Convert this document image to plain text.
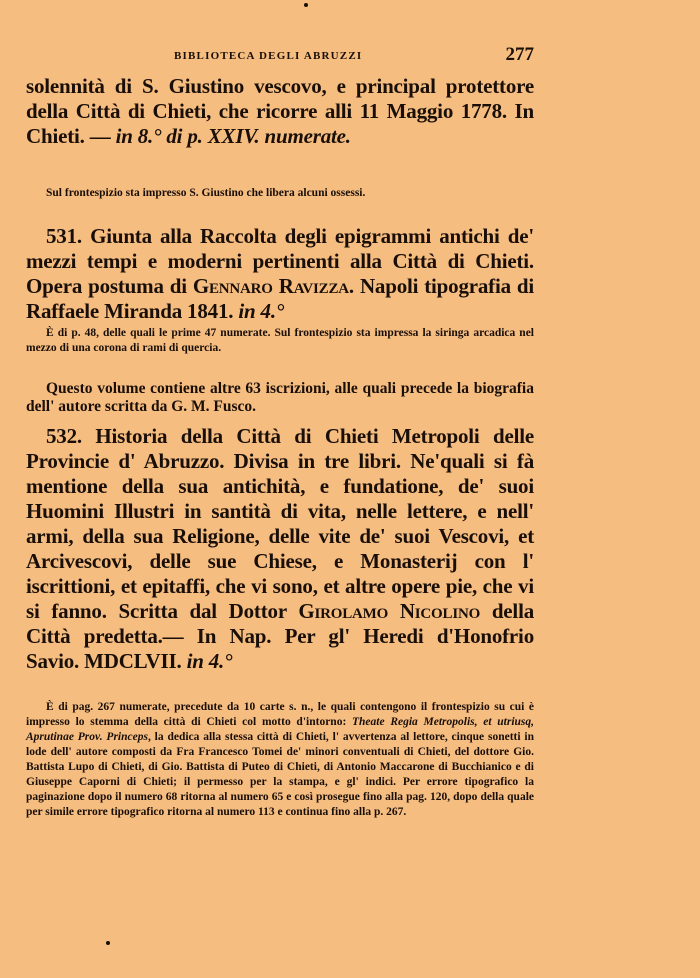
BIBLIOTECA DEGLI ABRUZZI	277

solennità di S. Giustino vescovo, e principal protettore della Città di Chieti, che ricorre alli 11 Maggio 1778. In Chieti. — in 8.° di p. XXIV. numerate.

Sul frontespizio sta impresso S. Giustino che libera alcuni ossessi.

531. Giunta alla Raccolta degli epigrammi antichi de' mezzi tempi e moderni pertinenti alla Città di Chieti. Opera postuma di Gennaro Ravizza. Napoli tipografia di Raffaele Miranda 1841. in 4.°

È di p. 48, delle quali le prime 47 numerate. Sul frontespizio sta impressa la siringa arcadica nel mezzo di una corona di rami di quercia.

Questo volume contiene altre 63 iscrizioni, alle quali precede la biografia dell' autore scritta da G. M. Fusco.

532. Historia della Città di Chieti Metropoli delle Provincie d' Abruzzo. Divisa in tre libri. Ne'quali si fà mentione della sua antichità, e fundatione, de' suoi Huomini Illustri in santità di vita, nelle lettere, e nell' armi, della sua Religione, delle vite de' suoi Vescovi, et Arcivescovi, delle sue Chiese, e Monasterij con l' iscrittioni, et epitaffi, che vi sono, et altre opere pie, che vi si fanno. Scritta dal Dottor Girolamo Nicolino della Città predetta.— In Nap. Per gl' Heredi d'Honofrio Savio. MDCLVII. in 4.°

È di pag. 267 numerate, precedute da 10 carte s. n., le quali contengono il frontespizio su cui è impresso lo stemma della città di Chieti col motto d'intorno: Theate Regia Metropolis, et utriusq, Aprutinae Prov. Princeps, la dedica alla stessa città di Chieti, l' avvertenza al lettore, cinque sonetti in lode dell' autore composti da Fra Francesco Tomei de' minori conventuali di Chieti, del dottore Gio. Battista Lupo di Chieti, di Gio. Battista di Puteo di Chieti, di Antonio Maccarone di Bucchianico e di Giuseppe Caporni di Chieti; il permesso per la stampa, e gl' indici. Per errore tipografico la paginazione dopo il numero 68 ritorna al numero 65 e così prosegue fino alla pag. 120, dopo della quale per simile errore tipografico ritorna al numero 113 e continua fino alla p. 267.
